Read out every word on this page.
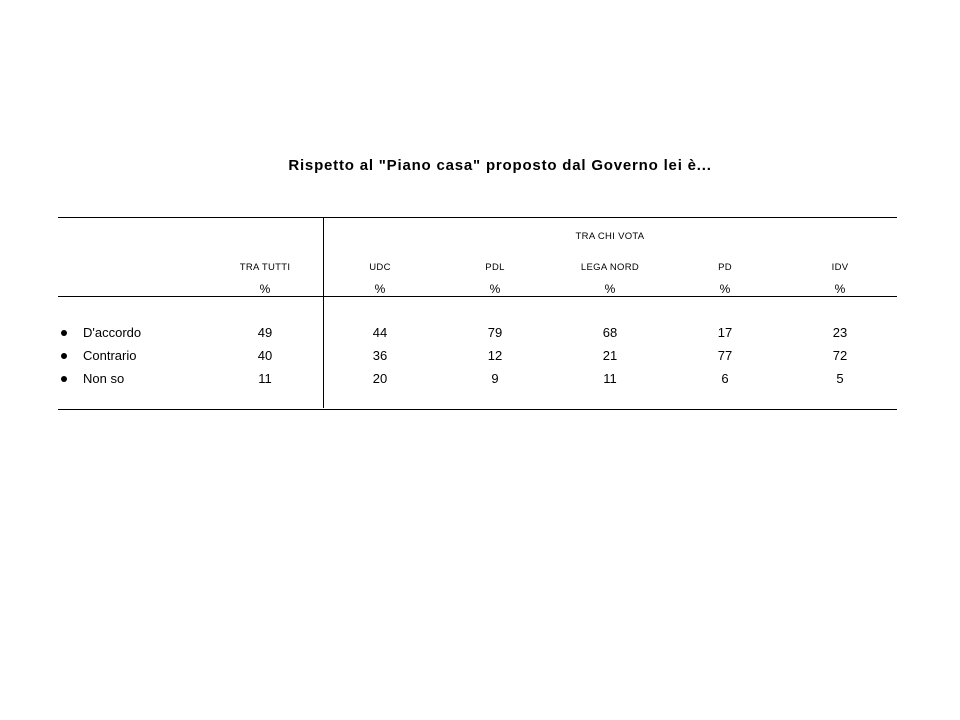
Rispetto al "Piano casa" proposto dal Governo lei è...
TRA CHI VOTA
TRA TUTTI	UDC	PDL	LEGA NORD	PD	IDV
%	%	%	%	%	%
D'accordo	49	44	79	68	17	23
Contrario	40	36	12	21	77	72
Non so	11	20	9	11	6	5
